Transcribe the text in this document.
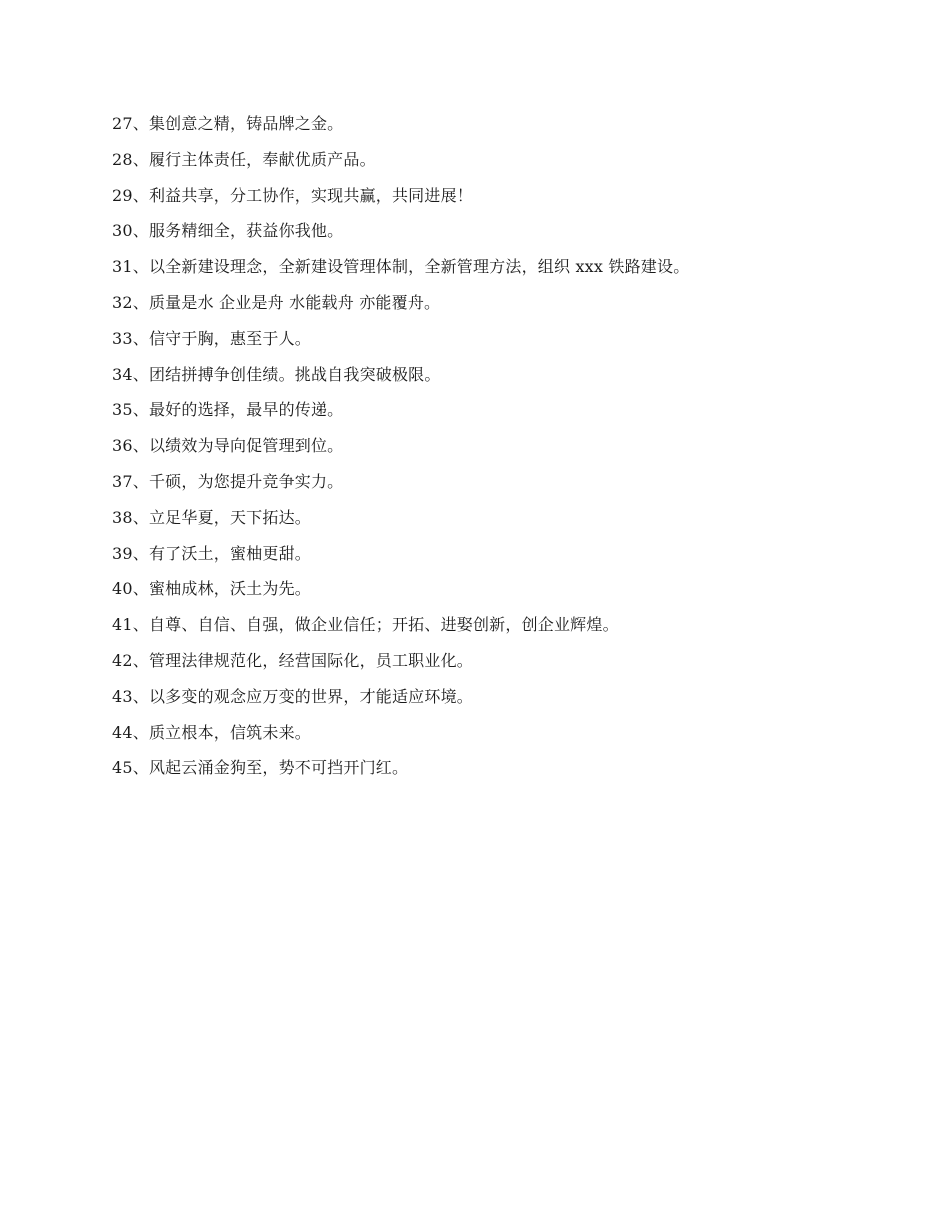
27、集创意之精，铸品牌之金。
28、履行主体责任，奉献优质产品。
29、利益共享，分工协作，实现共赢，共同进展！
30、服务精细全，获益你我他。
31、以全新建设理念，全新建设管理体制，全新管理方法，组织 xxx 铁路建设。
32、质量是水 企业是舟 水能载舟 亦能覆舟。
33、信守于胸，惠至于人。
34、团结拼搏争创佳绩。挑战自我突破极限。
35、最好的选择，最早的传递。
36、以绩效为导向促管理到位。
37、千硕，为您提升竞争实力。
38、立足华夏，天下拓达。
39、有了沃土，蜜柚更甜。
40、蜜柚成林，沃土为先。
41、自尊、自信、自强，做企业信任；开拓、进娶创新，创企业辉煌。
42、管理法律规范化，经营国际化，员工职业化。
43、以多变的观念应万变的世界，才能适应环境。
44、质立根本，信筑未来。
45、风起云涌金狗至，势不可挡开门红。
